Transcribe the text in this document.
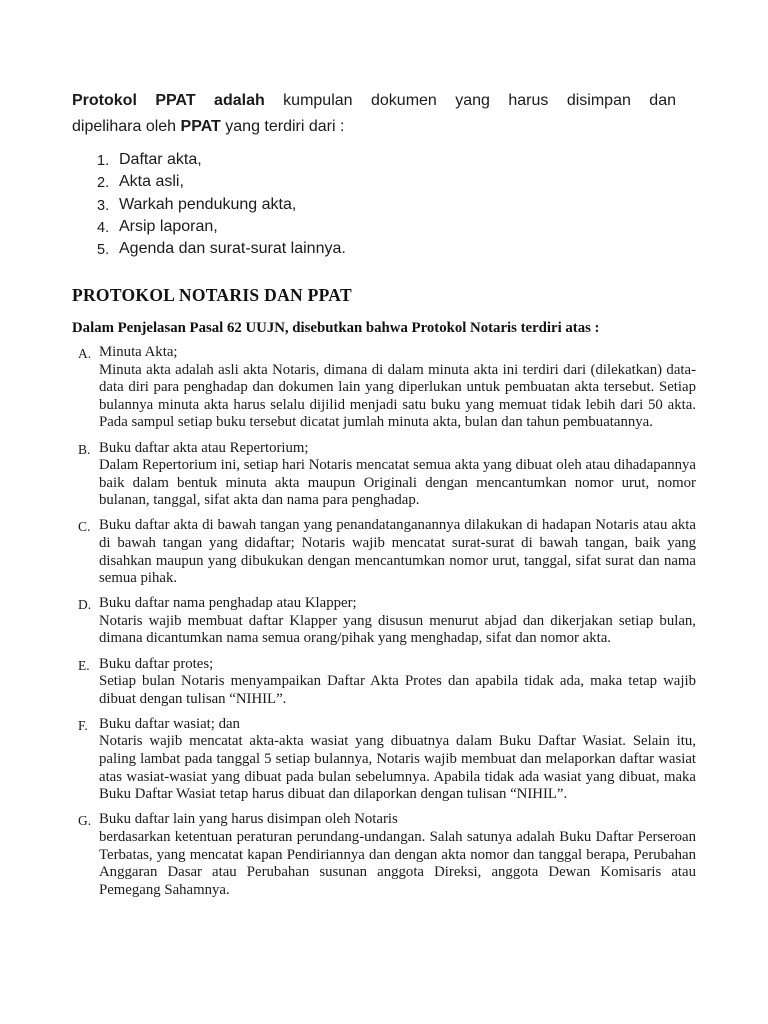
Protokol PPAT adalah kumpulan dokumen yang harus disimpan dan
dipelihara oleh PPAT yang terdiri dari :
1. Daftar akta,
2. Akta asli,
3. Warkah pendukung akta,
4. Arsip laporan,
5. Agenda dan surat-surat lainnya.
PROTOKOL NOTARIS DAN PPAT

Dalam Penjelasan Pasal 62 UUJN, disebutkan bahwa Protokol Notaris terdiri atas :

A. Minuta Akta;
Minuta akta adalah asli akta Notaris, dimana di dalam minuta akta ini terdiri dari (dilekatkan) data-data diri para penghadap dan dokumen lain yang diperlukan untuk pembuatan akta tersebut. Setiap bulannya minuta akta harus selalu dijilid menjadi satu buku yang memuat tidak lebih dari 50 akta. Pada sampul setiap buku tersebut dicatat jumlah minuta akta, bulan dan tahun pembuatannya.
B. Buku daftar akta atau Repertorium;
Dalam Repertorium ini, setiap hari Notaris mencatat semua akta yang dibuat oleh atau dihadapannya baik dalam bentuk minuta akta maupun Originali dengan mencantumkan nomor urut, nomor bulanan, tanggal, sifat akta dan nama para penghadap.
C. Buku daftar akta di bawah tangan yang penandatanganannya dilakukan di hadapan Notaris atau akta di bawah tangan yang didaftar; Notaris wajib mencatat surat-surat di bawah tangan, baik yang disahkan maupun yang dibukukan dengan mencantumkan nomor urut, tanggal, sifat surat dan nama semua pihak.
D. Buku daftar nama penghadap atau Klapper;
Notaris wajib membuat daftar Klapper yang disusun menurut abjad dan dikerjakan setiap bulan, dimana dicantumkan nama semua orang/pihak yang menghadap, sifat dan nomor akta.
E. Buku daftar protes;
Setiap bulan Notaris menyampaikan Daftar Akta Protes dan apabila tidak ada, maka tetap wajib dibuat dengan tulisan “NIHIL”.
F. Buku daftar wasiat; dan
Notaris wajib mencatat akta-akta wasiat yang dibuatnya dalam Buku Daftar Wasiat. Selain itu, paling lambat pada tanggal 5 setiap bulannya, Notaris wajib membuat dan melaporkan daftar wasiat atas wasiat-wasiat yang dibuat pada bulan sebelumnya. Apabila tidak ada wasiat yang dibuat, maka Buku Daftar Wasiat tetap harus dibuat dan dilaporkan dengan tulisan “NIHIL”.
G. Buku daftar lain yang harus disimpan oleh Notaris
berdasarkan ketentuan peraturan perundang-undangan. Salah satunya adalah Buku Daftar Perseroan Terbatas, yang mencatat kapan Pendiriannya dan dengan akta nomor dan tanggal berapa, Perubahan Anggaran Dasar atau Perubahan susunan anggota Direksi, anggota Dewan Komisaris atau Pemegang Sahamnya.
